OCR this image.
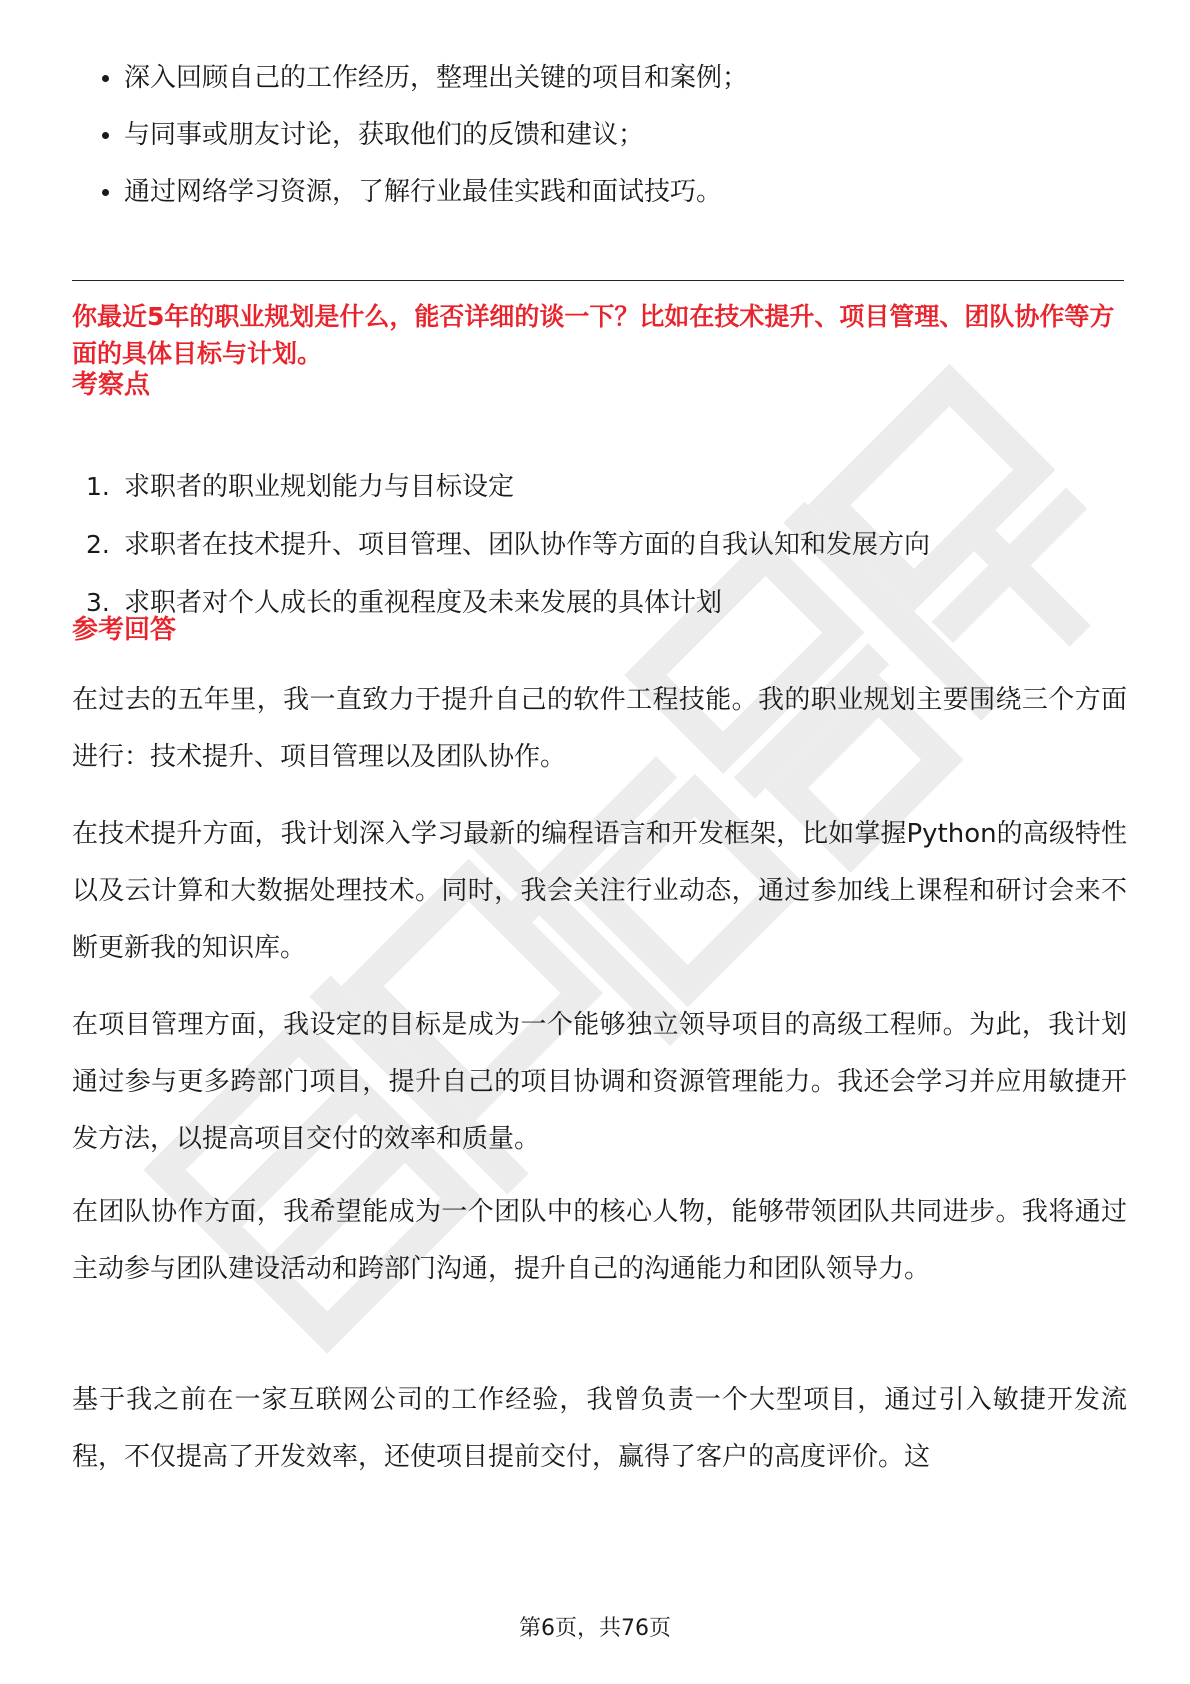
深入回顾自己的工作经历，整理出关键的项目和案例；
与同事或朋友讨论，获取他们的反馈和建议；
通过网络学习资源，了解行业最佳实践和面试技巧。

你最近5年的职业规划是什么，能否详细的谈一下？比如在技术提升、项目管理、团队协作等方面的具体目标与计划。

考察点

1. 求职者的职业规划能力与目标设定
2. 求职者在技术提升、项目管理、团队协作等方面的自我认知和发展方向
3. 求职者对个人成长的重视程度及未来发展的具体计划

参考回答

在过去的五年里，我一直致力于提升自己的软件工程技能。我的职业规划主要围绕三个方面进行：技术提升、项目管理以及团队协作。

在技术提升方面，我计划深入学习最新的编程语言和开发框架，比如掌握Python的高级特性以及云计算和大数据处理技术。同时，我会关注行业动态，通过参加线上课程和研讨会来不断更新我的知识库。

在项目管理方面，我设定的目标是成为一个能够独立领导项目的高级工程师。为此，我计划通过参与更多跨部门项目，提升自己的项目协调和资源管理能力。我还会学习并应用敏捷开发方法，以提高项目交付的效率和质量。

在团队协作方面，我希望能成为一个团队中的核心人物，能够带领团队共同进步。我将通过主动参与团队建设活动和跨部门沟通，提升自己的沟通能力和团队领导力。

基于我之前在一家互联网公司的工作经验，我曾负责一个大型项目，通过引入敏捷开发流程，不仅提高了开发效率，还使项目提前交付，赢得了客户的高度评价。这

第6页，共76页
